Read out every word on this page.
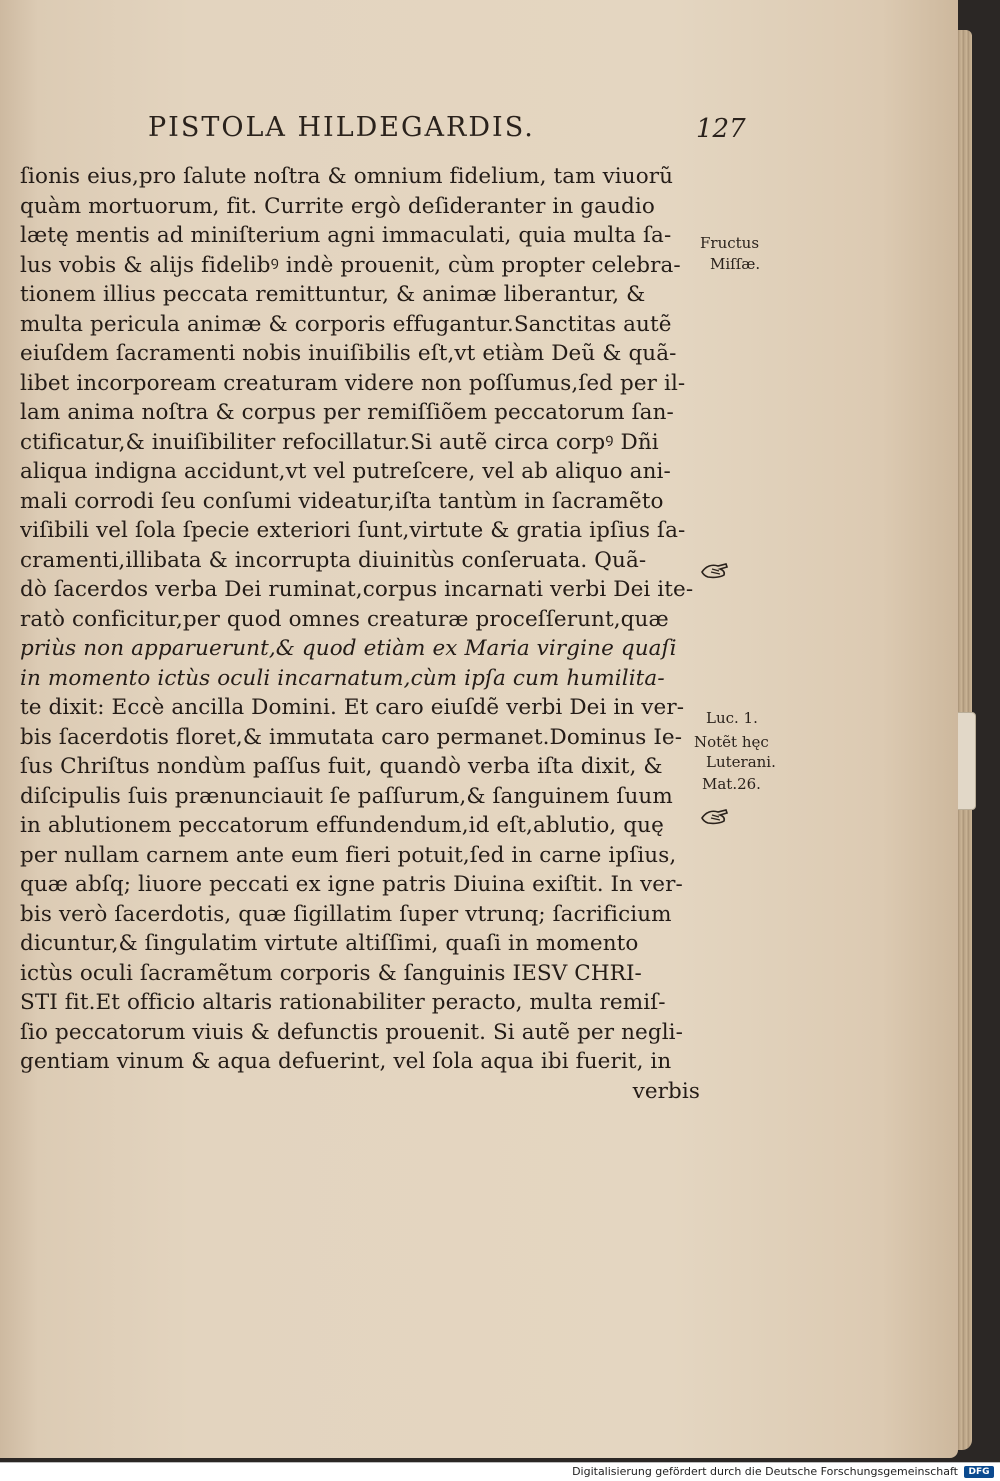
PISTOLA HILDEGARDIS.	127
ſionis eius,pro ſalute noſtra & omnium fidelium, tam viuorũ
quàm mortuorum, fit. Currite ergò deſideranter in gaudio
lætę mentis ad miniſterium agni immaculati, quia multa ſa-
lus vobis & alijs fidelibꝰ indè prouenit, cùm propter celebra-
tionem illius peccata remittuntur, & animæ liberantur, &
multa pericula animæ & corporis effugantur.Sanctitas autẽ
eiuſdem ſacramenti nobis inuiſibilis eſt,vt etiàm Deũ & quã-
libet incorpoream creaturam videre non poſſumus,ſed per il-
lam anima noſtra & corpus per remiſſiõem peccatorum ſan-
ctificatur,& inuiſibiliter refocillatur.Si autẽ circa corpꝰ Dñi
aliqua indigna accidunt,vt vel putreſcere, vel ab aliquo ani-
mali corrodi ſeu conſumi videatur,iſta tantùm in ſacramẽto
viſibili vel ſola ſpecie exteriori ſunt,virtute & gratia ipſius ſa-
cramenti,illibata & incorrupta diuinitùs conſeruata. Quã-
dò ſacerdos verba Dei ruminat,corpus incarnati verbi Dei ite-
ratò conficitur,per quod omnes creaturæ proceſſerunt,quæ
priùs non apparuerunt,& quod etiàm ex Maria virgine quaſi
in momento ictùs oculi incarnatum,cùm ipſa cum humilita-
te dixit: Eccè ancilla Domini. Et caro eiuſdẽ verbi Dei in ver-
bis ſacerdotis floret,& immutata caro permanet.Dominus Ie-
ſus Chriſtus nondùm paſſus fuit, quandò verba iſta dixit, &
diſcipulis ſuis prænunciauit ſe paſſurum,& ſanguinem ſuum
in ablutionem peccatorum effundendum,id eſt,ablutio, quę
per nullam carnem ante eum fieri potuit,ſed in carne ipſius,
quæ abſq; liuore peccati ex igne patris Diuina exiſtit. In ver-
bis verò ſacerdotis, quæ ſigillatim ſuper vtrunq; ſacrificium
dicuntur,& ſingulatim virtute altiſſimi, quaſi in momento
ictùs oculi ſacramẽtum corporis & ſanguinis IESV CHRI-
STI fit.Et officio altaris rationabiliter peracto, multa remiſ-
ſio peccatorum viuis & defunctis prouenit. Si autẽ per negli-
gentiam vinum & aqua defuerint, vel ſola aqua ibi fuerit, in
verbis
Fructus
Miſſæ.
Luc. 1.
Notẽt hęc
Luterani.
Mat.26.
Digitalisierung gefördert durch die Deutsche Forschungsgemeinschaft	DFG
